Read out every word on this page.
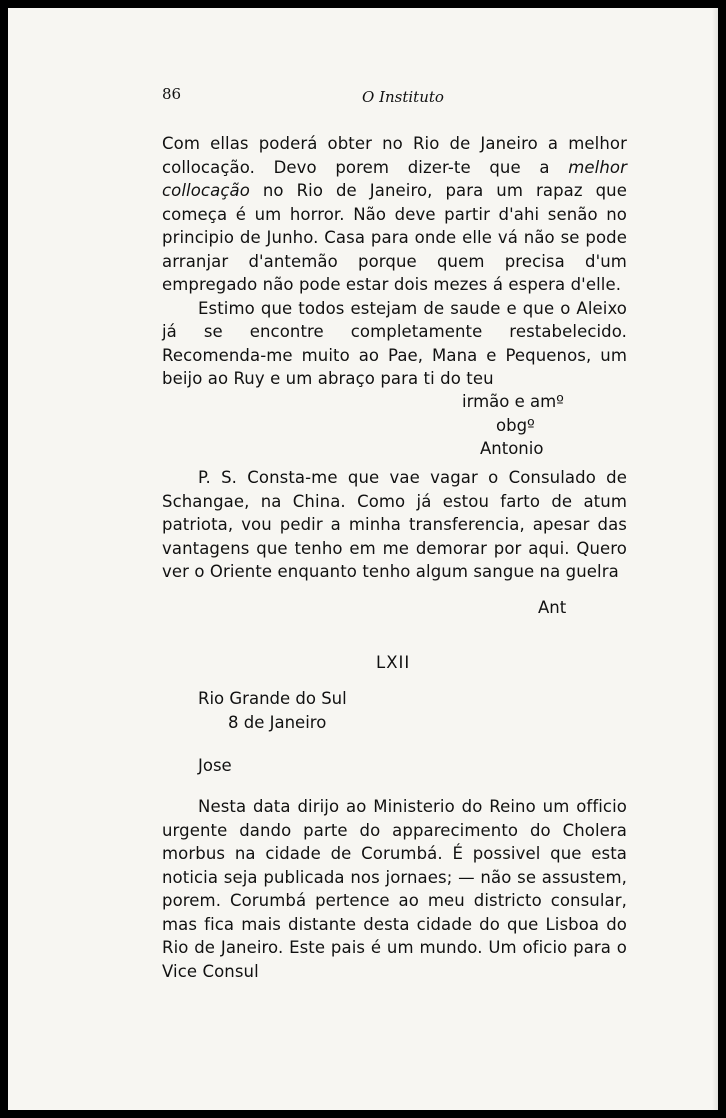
86	O Instituto

Com ellas poderá obter no Rio de Janeiro a melhor collocação. Devo porem dizer-te que a melhor collocação no Rio de Janeiro, para um rapaz que começa é um horror. Não deve partir d'ahi senão no principio de Junho. Casa para onde elle vá não se pode arranjar d'antemão porque quem precisa d'um empregado não pode estar dois mezes á espera d'elle.

Estimo que todos estejam de saude e que o Aleixo já se encontre completamente restabelecido. Recomenda-me muito ao Pae, Mana e Pequenos, um beijo ao Ruy e um abraço para ti do teu

irmão e amº
obgº
Antonio

P. S. Consta-me que vae vagar o Consulado de Schangae, na China. Como já estou farto de atum patriota, vou pedir a minha transferencia, apesar das vantagens que tenho em me demorar por aqui. Quero ver o Oriente enquanto tenho algum sangue na guelra

Ant
LXII
Rio Grande do Sul
8 de Janeiro
Jose

Nesta data dirijo ao Ministerio do Reino um officio urgente dando parte do apparecimento do Cholera morbus na cidade de Corumbá. É possivel que esta noticia seja publicada nos jornaes; — não se assustem, porem. Corumbá pertence ao meu districto consular, mas fica mais distante desta cidade do que Lisboa do Rio de Janeiro. Este pais é um mundo. Um oficio para o Vice Consul
